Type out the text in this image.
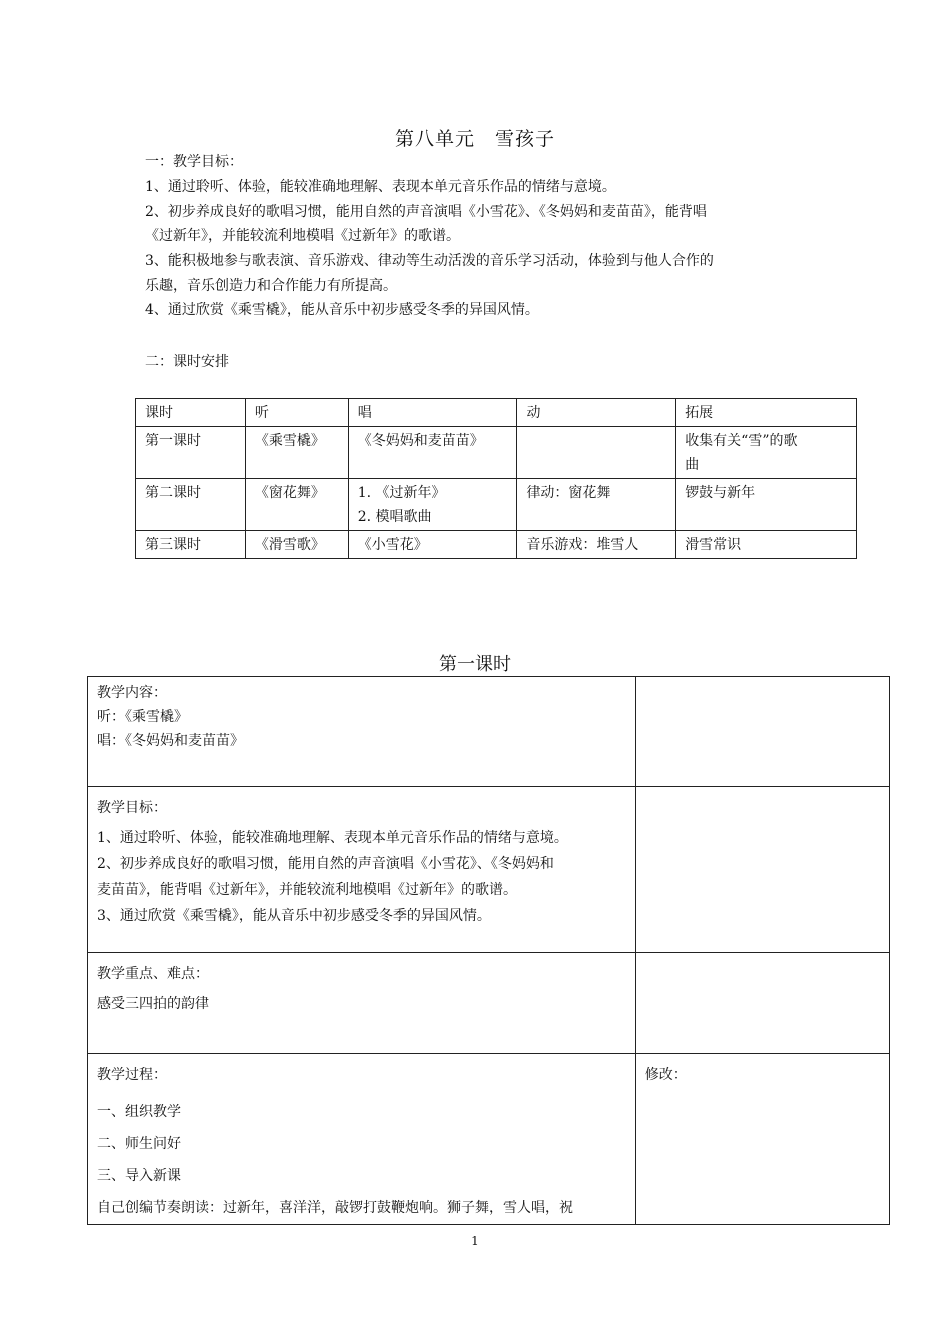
第八单元 雪孩子
一：教学目标：
1、通过聆听、体验，能较准确地理解、表现本单元音乐作品的情绪与意境。
2、初步养成良好的歌唱习惯，能用自然的声音演唱《小雪花》、《冬妈妈和麦苗苗》，能背唱
《过新年》，并能较流利地模唱《过新年》的歌谱。
3、能积极地参与歌表演、音乐游戏、律动等生动活泼的音乐学习活动，体验到与他人合作的
乐趣，音乐创造力和合作能力有所提高。
4、通过欣赏《乘雪橇》，能从音乐中初步感受冬季的异国风情。
二：课时安排
课时	听	唱	动	拓展
第一课时	《乘雪橇》	《冬妈妈和麦苗苗》		收集有关“雪”的歌
曲

第二课时	《窗花舞》	1. 《过新年》
2. 模唱歌曲	律动：窗花舞	锣鼓与新年
第三课时	《滑雪歌》	《小雪花》	音乐游戏：堆雪人	滑雪常识
第一课时
教学内容：
听：《乘雪橇》
唱：《冬妈妈和麦苗苗》	

教学目标：
1、通过聆听、体验，能较准确地理解、表现本单元音乐作品的情绪与意境。
2、初步养成良好的歌唱习惯，能用自然的声音演唱《小雪花》、《冬妈妈和
麦苗苗》，能背唱《过新年》，并能较流利地模唱《过新年》的歌谱。
3、通过欣赏《乘雪橇》，能从音乐中初步感受冬季的异国风情。	

教学重点、难点：
感受三四拍的韵律	

教学过程：
一、组织教学
二、师生问好
三、导入新课
自己创编节奏朗读：过新年，喜洋洋，敲锣打鼓鞭炮响。狮子舞，雪人唱，祝	修改：
1
